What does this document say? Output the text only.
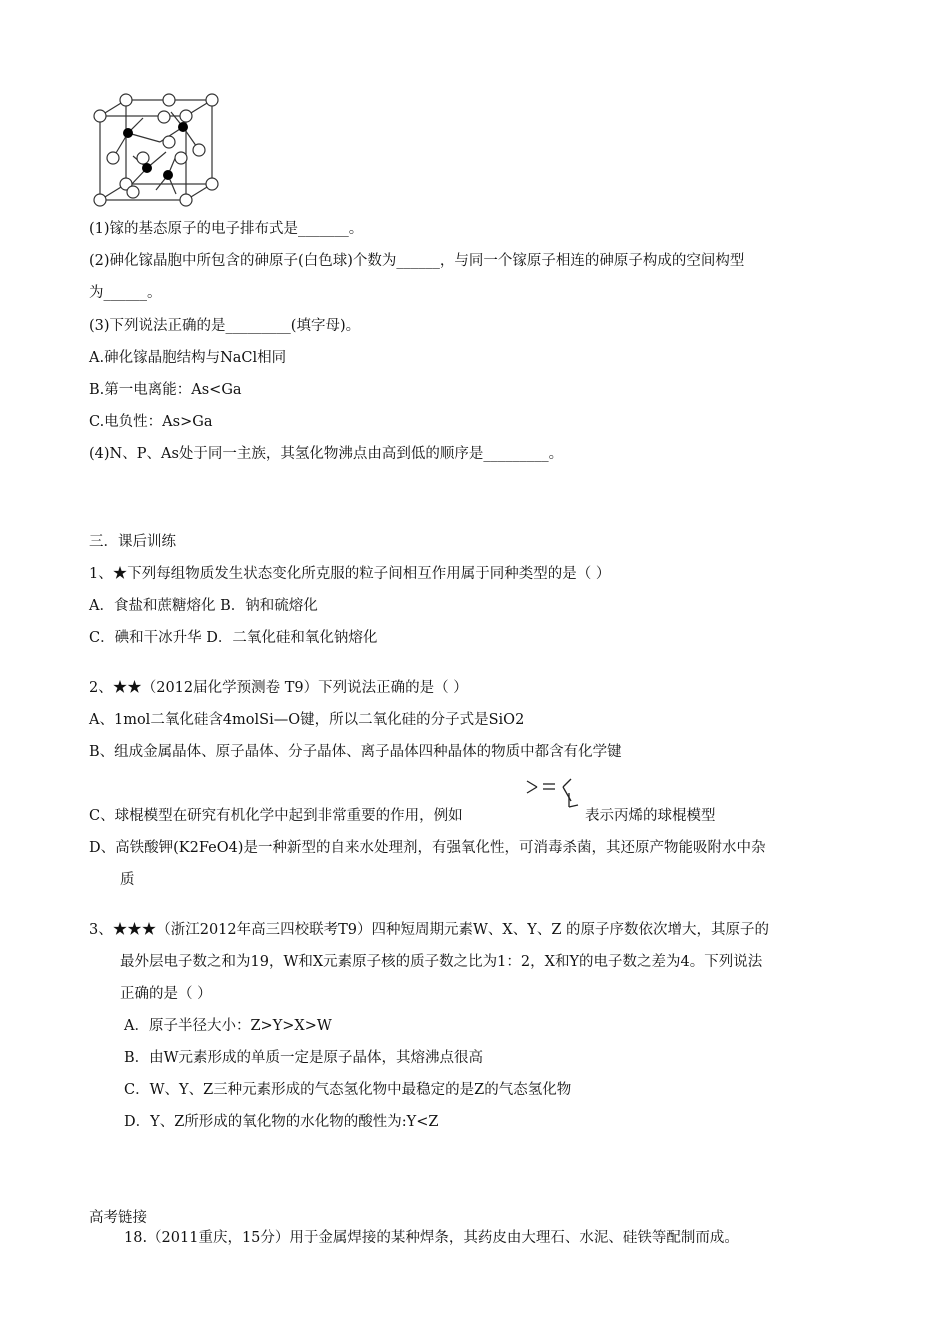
(1)镓的基态原子的电子排布式是_______。
(2)砷化镓晶胞中所包含的砷原子(白色球)个数为______，与同一个镓原子相连的砷原子构成的空间构型
为______。
(3)下列说法正确的是_________(填字母)。
A.砷化镓晶胞结构与NaCl相同
B.第一电离能：As<Ga
C.电负性：As>Ga
(4)N、P、As处于同一主族，其氢化物沸点由高到低的顺序是_________。
三．课后训练
1、★下列每组物质发生状态变化所克服的粒子间相互作用属于同种类型的是（ ）
A．食盐和蔗糖熔化 B．钠和硫熔化
C．碘和干冰升华 D．二氧化硅和氧化钠熔化
2、★★（2012届化学预测卷 T9）下列说法正确的是（ ）
A、1mol二氧化硅含4molSi—O键，所以二氧化硅的分子式是SiO2
B、组成金属晶体、原子晶体、分子晶体、离子晶体四种晶体的物质中都含有化学键
C、球棍模型在研究有机化学中起到非常重要的作用，例如	表示丙烯的球棍模型
D、高铁酸钾(K2FeO4)是一种新型的自来水处理剂，有强氧化性，可消毒杀菌，其还原产物能吸附水中杂
质
3、★★★（浙江2012年高三四校联考T9）四种短周期元素W、X、Y、Z 的原子序数依次增大，其原子的
最外层电子数之和为19，W和X元素原子核的质子数之比为1：2，X和Y的电子数之差为4。下列说法
正确的是（ ）
A．原子半径大小：Z>Y>X>W
B．由W元素形成的单质一定是原子晶体，其熔沸点很高
C．W、Y、Z三种元素形成的气态氢化物中最稳定的是Z的气态氢化物
D．Y、Z所形成的氧化物的水化物的酸性为:Y<Z
高考链接
18.（2011重庆，15分）用于金属焊接的某种焊条，其药皮由大理石、水泥、硅铁等配制而成。
